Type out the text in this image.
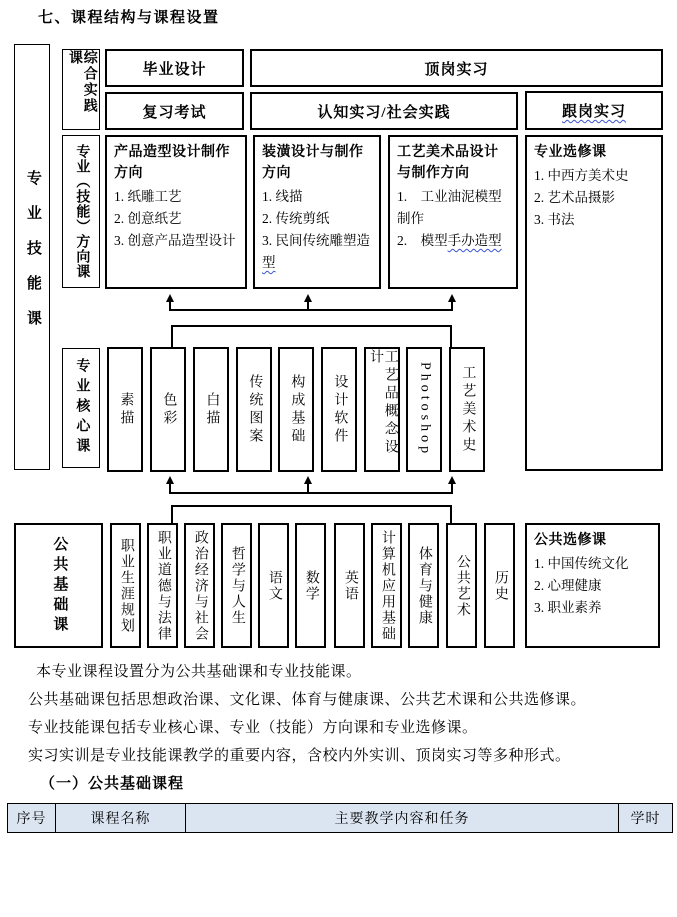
七、课程结构与课程设置
专业技能课
综合实践课
专业（技能）方向课
专业核心课
毕业设计	顶岗实习
复习考试	认知实习/社会实践	跟岗实习
产品造型设计制作方向
1. 纸雕工艺
2. 创意纸艺
3. 创意产品造型设计
装潢设计与制作方向
1. 线描
2. 传统剪纸
3. 民间传统雕塑造型
工艺美术品设计与制作方向
1.　工业油泥模型制作
2.　模型手办造型
专业选修课
1. 中西方美术史
2. 艺术品摄影
3. 书法
素描 色彩 白描 传统图案 构成基础 设计软件	工艺品概念设计
Photoshop 工艺美术史
公共基础课	职业生涯规划 职业道德与法律 政治经济与社会 哲学与人生 语文 数学 英语 计算机应用基础 体育与健康 公共艺术 历史
公共选修课
1. 中国传统文化
2. 心理健康
3. 职业素养
本专业课程设置分为公共基础课和专业技能课。
公共基础课包括思想政治课、文化课、体育与健康课、公共艺术课和公共选修课。
专业技能课包括专业核心课、专业（技能）方向课和专业选修课。
实习实训是专业技能课教学的重要内容，含校内外实训、顶岗实习等多种形式。
（一）公共基础课程
序号	课程名称	主要教学内容和任务	学时
